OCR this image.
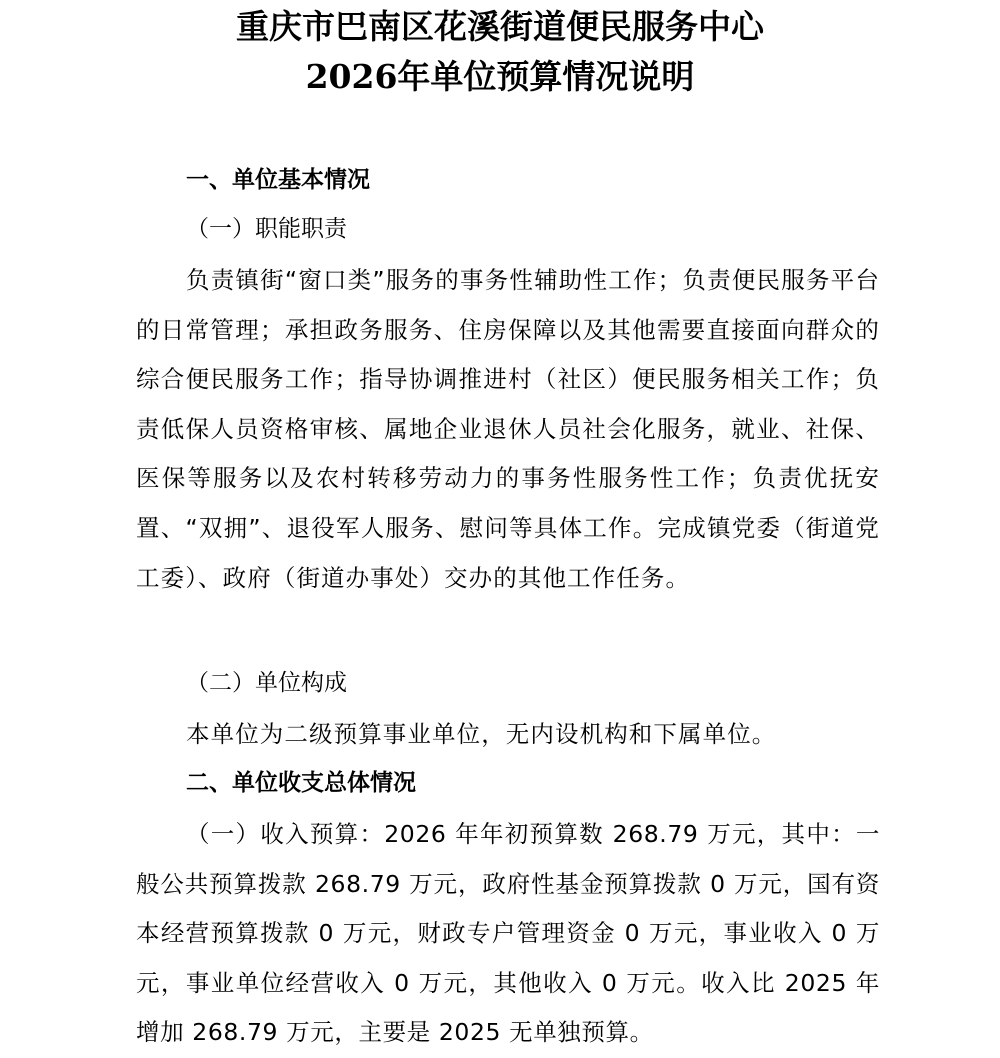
重庆市巴南区花溪街道便民服务中心
2026年单位预算情况说明
一、单位基本情况
（一）职能职责
负责镇街“窗口类”服务的事务性辅助性工作；负责便民服务平台的日常管理；承担政务服务、住房保障以及其他需要直接面向群众的综合便民服务工作；指导协调推进村（社区）便民服务相关工作；负责低保人员资格审核、属地企业退休人员社会化服务，就业、社保、医保等服务以及农村转移劳动力的事务性服务性工作；负责优抚安置、“双拥”、退役军人服务、慰问等具体工作。完成镇党委（街道党工委）、政府（街道办事处）交办的其他工作任务。
（二）单位构成
本单位为二级预算事业单位，无内设机构和下属单位。
二、单位收支总体情况
（一）收入预算：2026 年年初预算数 268.79 万元，其中：一般公共预算拨款 268.79 万元，政府性基金预算拨款 0 万元，国有资本经营预算拨款 0 万元，财政专户管理资金 0 万元，事业收入 0 万元，事业单位经营收入 0 万元，其他收入 0 万元。收入比 2025 年增加 268.79 万元，主要是 2025 无单独预算。
